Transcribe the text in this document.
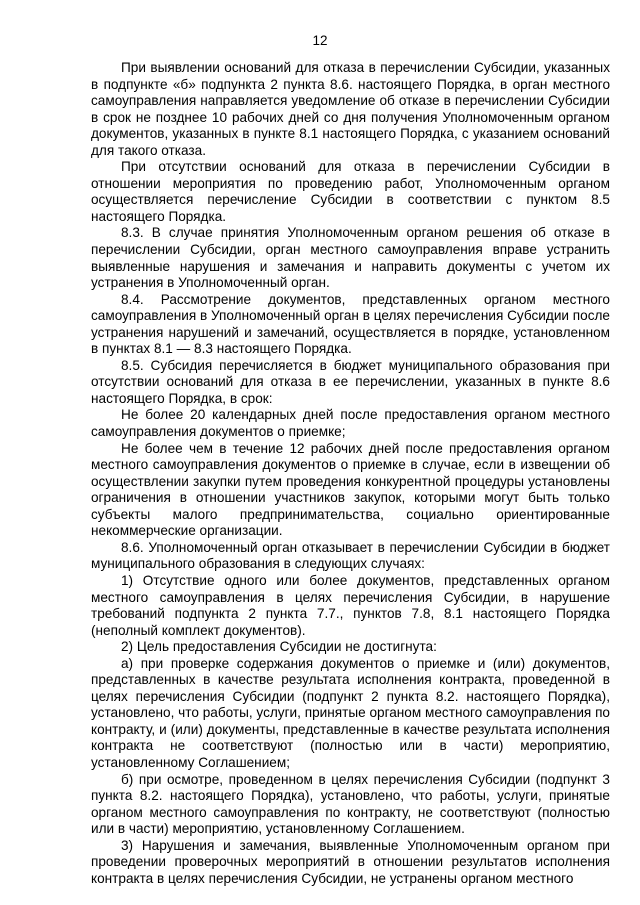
12

При выявлении оснований для отказа в перечислении Субсидии, указанных в подпункте «б» подпункта 2 пункта 8.6. настоящего Порядка, в орган местного самоуправления направляется уведомление об отказе в перечислении Субсидии в срок не позднее 10 рабочих дней со дня получения Уполномоченным органом документов, указанных в пункте 8.1 настоящего Порядка, с указанием оснований для такого отказа.

При отсутствии оснований для отказа в перечислении Субсидии в отношении мероприятия по проведению работ, Уполномоченным органом осуществляется перечисление Субсидии в соответствии с пунктом 8.5 настоящего Порядка.

8.3. В случае принятия Уполномоченным органом решения об отказе в перечислении Субсидии, орган местного самоуправления вправе устранить выявленные нарушения и замечания и направить документы с учетом их устранения в Уполномоченный орган.

8.4. Рассмотрение документов, представленных органом местного самоуправления в Уполномоченный орган в целях перечисления Субсидии после устранения нарушений и замечаний, осуществляется в порядке, установленном в пунктах 8.1 — 8.3 настоящего Порядка.

8.5. Субсидия перечисляется в бюджет муниципального образования при отсутствии оснований для отказа в ее перечислении, указанных в пункте 8.6 настоящего Порядка, в срок:

Не более 20 календарных дней после предоставления органом местного самоуправления документов о приемке;

Не более чем в течение 12 рабочих дней после предоставления органом местного самоуправления документов о приемке в случае, если в извещении об осуществлении закупки путем проведения конкурентной процедуры установлены ограничения в отношении участников закупок, которыми могут быть только субъекты малого предпринимательства, социально ориентированные некоммерческие организации.

8.6. Уполномоченный орган отказывает в перечислении Субсидии в бюджет муниципального образования в следующих случаях:

1) Отсутствие одного или более документов, представленных органом местного самоуправления в целях перечисления Субсидии, в нарушение требований подпункта 2 пункта 7.7., пунктов 7.8, 8.1 настоящего Порядка (неполный комплект документов).

2) Цель предоставления Субсидии не достигнута:

а) при проверке содержания документов о приемке и (или) документов, представленных в качестве результата исполнения контракта, проведенной в целях перечисления Субсидии (подпункт 2 пункта 8.2. настоящего Порядка), установлено, что работы, услуги, принятые органом местного самоуправления по контракту, и (или) документы, представленные в качестве результата исполнения контракта не соответствуют (полностью или в части) мероприятию, установленному Соглашением;

б) при осмотре, проведенном в целях перечисления Субсидии (подпункт 3 пункта 8.2. настоящего Порядка), установлено, что работы, услуги, принятые органом местного самоуправления по контракту, не соответствуют (полностью или в части) мероприятию, установленному Соглашением.

3) Нарушения и замечания, выявленные Уполномоченным органом при проведении проверочных мероприятий в отношении результатов исполнения контракта в целях перечисления Субсидии, не устранены органом местного
